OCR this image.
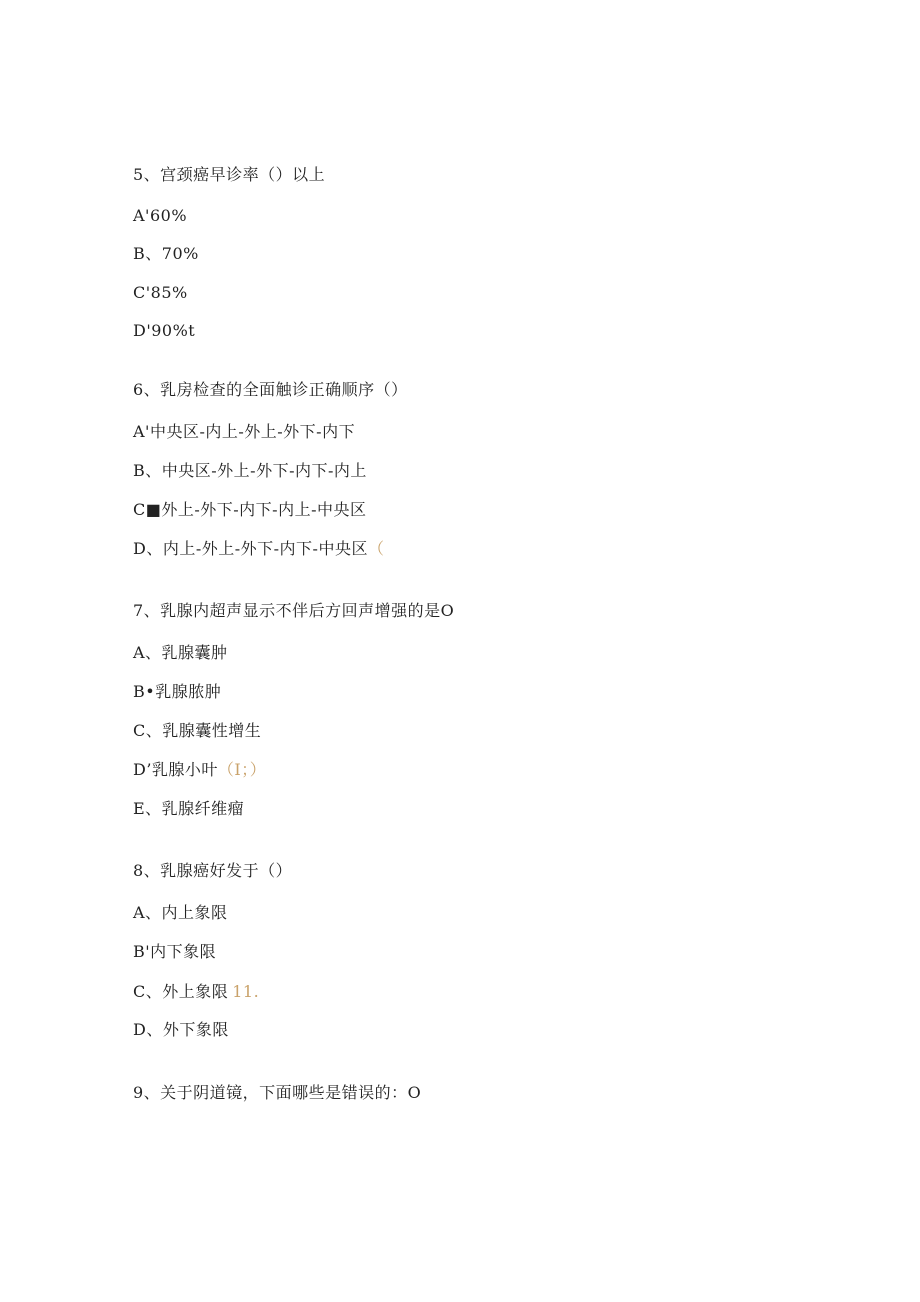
5、宫颈癌早诊率（）以上
A'60%
B、70%
C'85%
D'90%t
6、乳房检查的全面触诊正确顺序（）
A'中央区-内上-外上-外下-内下
B、中央区-外上-外下-内下-内上
C■外上-外下-内下-内上-中央区
D、内上-外上-外下-内下-中央区（
7、乳腺内超声显示不伴后方回声增强的是O
A、乳腺囊肿
B•乳腺脓肿
C、乳腺囊性增生
D’乳腺小叶（I；）
E、乳腺纤维瘤
8、乳腺癌好发于（）
A、内上象限
B'内下象限
C、外上象限 11.
D、外下象限
9、关于阴道镜，下面哪些是错误的：O
